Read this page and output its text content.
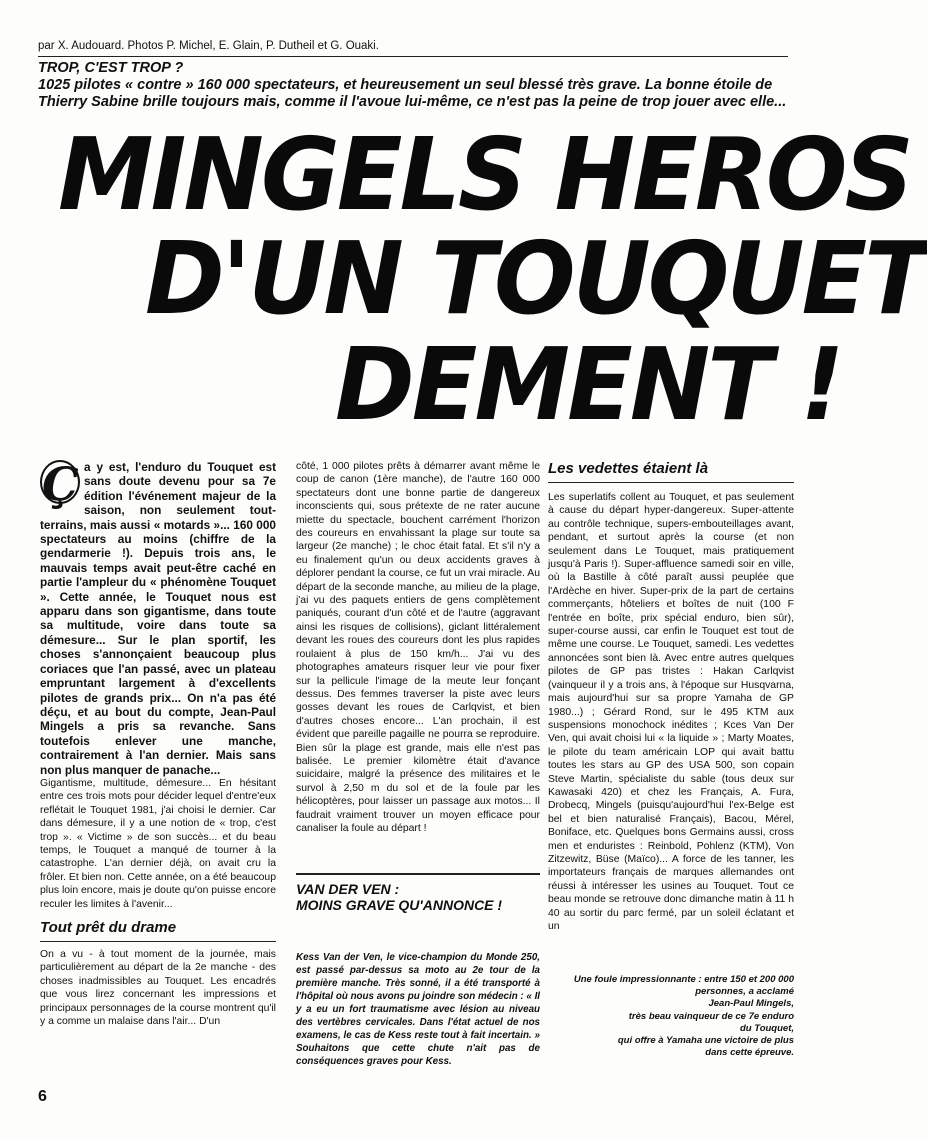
par X. Audouard. Photos P. Michel, E. Glain, P. Dutheil et G. Ouaki.

TROP, C'EST TROP ?

1025 pilotes « contre » 160 000 spectateurs, et heureusement un seul blessé très grave. La bonne étoile de Thierry Sabine brille toujours mais, comme il l'avoue lui-même, ce n'est pas la peine de trop jouer avec elle...

MINGELS HEROS
D'UN TOUQUET
DEMENT !
Ç a y est, l'enduro du Touquet est sans doute devenu pour sa 7e édition l'événement majeur de la saison, non seulement tout-terrains, mais aussi « motards »... 160 000 spectateurs au moins (chiffre de la gendarmerie !). Depuis trois ans, le mauvais temps avait peut-être caché en partie l'ampleur du « phénomène Touquet ». Cette année, le Touquet nous est apparu dans son gigantisme, dans toute sa multitude, voire dans toute sa démesure... Sur le plan sportif, les choses s'annonçaient beaucoup plus coriaces que l'an passé, avec un plateau empruntant largement à d'excellents pilotes de grands prix... On n'a pas été déçu, et au bout du compte, Jean-Paul Mingels a pris sa revanche. Sans toutefois enlever une manche, contrairement à l'an dernier. Mais sans non plus manquer de panache...

Gigantisme, multitude, démesure... En hésitant entre ces trois mots pour décider lequel d'entre'eux reflétait le Touquet 1981, j'ai choisi le dernier. Car dans démesure, il y a une notion de « trop, c'est trop ». « Victime » de son succès... et du beau temps, le Touquet a manqué de tourner à la catastrophe. L'an dernier déjà, on avait cru la frôler. Et bien non. Cette année, on a été beaucoup plus loin encore, mais je doute qu'on puisse encore reculer les limites à l'avenir...

Tout prêt du drame

On a vu - à tout moment de la journée, mais particulièrement au départ de la 2e manche - des choses inadmissibles au Touquet. Les encadrés que vous lirez concernant les impressions et principaux personnages de la course montrent qu'il y a comme un malaise dans l'air... D'un

côté, 1 000 pilotes prêts à démarrer avant même le coup de canon (1ère manche), de l'autre 160 000 spectateurs dont une bonne partie de dangereux inconscients qui, sous prétexte de ne rater aucune miette du spectacle, bouchent carrément l'horizon des coureurs en envahissant la plage sur toute sa largeur (2e manche) ; le choc était fatal. Et s'il n'y a eu finalement qu'un ou deux accidents graves à déplorer pendant la course, ce fut un vrai miracle. Au départ de la seconde manche, au milieu de la plage, j'ai vu des paquets entiers de gens complètement paniqués, courant d'un côté et de l'autre (aggravant ainsi les risques de collisions), giclant littéralement devant les roues des coureurs dont les plus rapides roulaient à plus de 150 km/h... J'ai vu des photographes amateurs risquer leur vie pour fixer sur la pellicule l'image de la meute leur fonçant dessus. Des femmes traverser la piste avec leurs gosses devant les roues de Carlqvist, et bien d'autres choses encore... L'an prochain, il est évident que pareille pagaille ne pourra se reproduire. Bien sûr la plage est grande, mais elle n'est pas balisée. Le premier kilomètre était d'avance suicidaire, malgré la présence des militaires et le survol à 2,50 m du sol et de la foule par les hélicoptères, pour laisser un passage aux motos... Il faudrait vraiment trouver un moyen efficace pour canaliser la foule au départ !

VAN DER VEN :
MOINS GRAVE QU'ANNONCE !

Kess Van der Ven, le vice-champion du Monde 250, est passé par-dessus sa moto au 2e tour de la première manche. Très sonné, il a été transporté à l'hôpital où nous avons pu joindre son médecin : « Il y a eu un fort traumatisme avec lésion au niveau des vertèbres cervicales. Dans l'état actuel de nos examens, le cas de Kess reste tout à fait incertain. » Souhaitons que cette chute n'ait pas de conséquences graves pour Kess.

Les vedettes étaient là

Les superlatifs collent au Touquet, et pas seulement à cause du départ hyper-dangereux. Super-attente au contrôle technique, supers-embouteillages avant, pendant, et surtout après la course (et non seulement dans Le Touquet, mais pratiquement jusqu'à Paris !). Super-affluence samedi soir en ville, où la Bastille à côté paraît aussi peuplée que l'Ardèche en hiver. Super-prix de la part de certains commerçants, hôteliers et boîtes de nuit (100 F l'entrée en boîte, prix spécial enduro, bien sûr), super-course aussi, car enfin le Touquet est tout de même une course. Le Touquet, samedi. Les vedettes annoncées sont bien là. Avec entre autres quelques pilotes de GP pas tristes : Hakan Carlqvist (vainqueur il y a trois ans, à l'époque sur Husqvarna, mais aujourd'hui sur sa propre Yamaha de GP 1980...) ; Gérard Rond, sur le 495 KTM aux suspensions monochock inédites ; Kces Van Der Ven, qui avait choisi lui « la liquide » ; Marty Moates, le pilote du team américain LOP qui avait battu toutes les stars au GP des USA 500, son copain Steve Martin, spécialiste du sable (tous deux sur Kawasaki 420) et chez les Français, A. Fura, Drobecq, Mingels (puisqu'aujourd'hui l'ex-Belge est bel et bien naturalisé Français), Bacou, Mérel, Boniface, etc. Quelques bons Germains aussi, cross men et enduristes : Reinbold, Pohlenz (KTM), Von Zitzewitz, Büse (Maïco)... A force de les tanner, les importateurs français de marques allemandes ont réussi à intéresser les usines au Touquet. Tout ce beau monde se retrouve donc dimanche matin à 11 h 40 au sortir du parc fermé, par un soleil éclatant et un

Une foule impressionnante : entre 150 et 200 000
personnes, a acclamé
Jean-Paul Mingels,
très beau vainqueur de ce 7e enduro
du Touquet,
qui offre à Yamaha une victoire de plus
dans cette épreuve.
6
